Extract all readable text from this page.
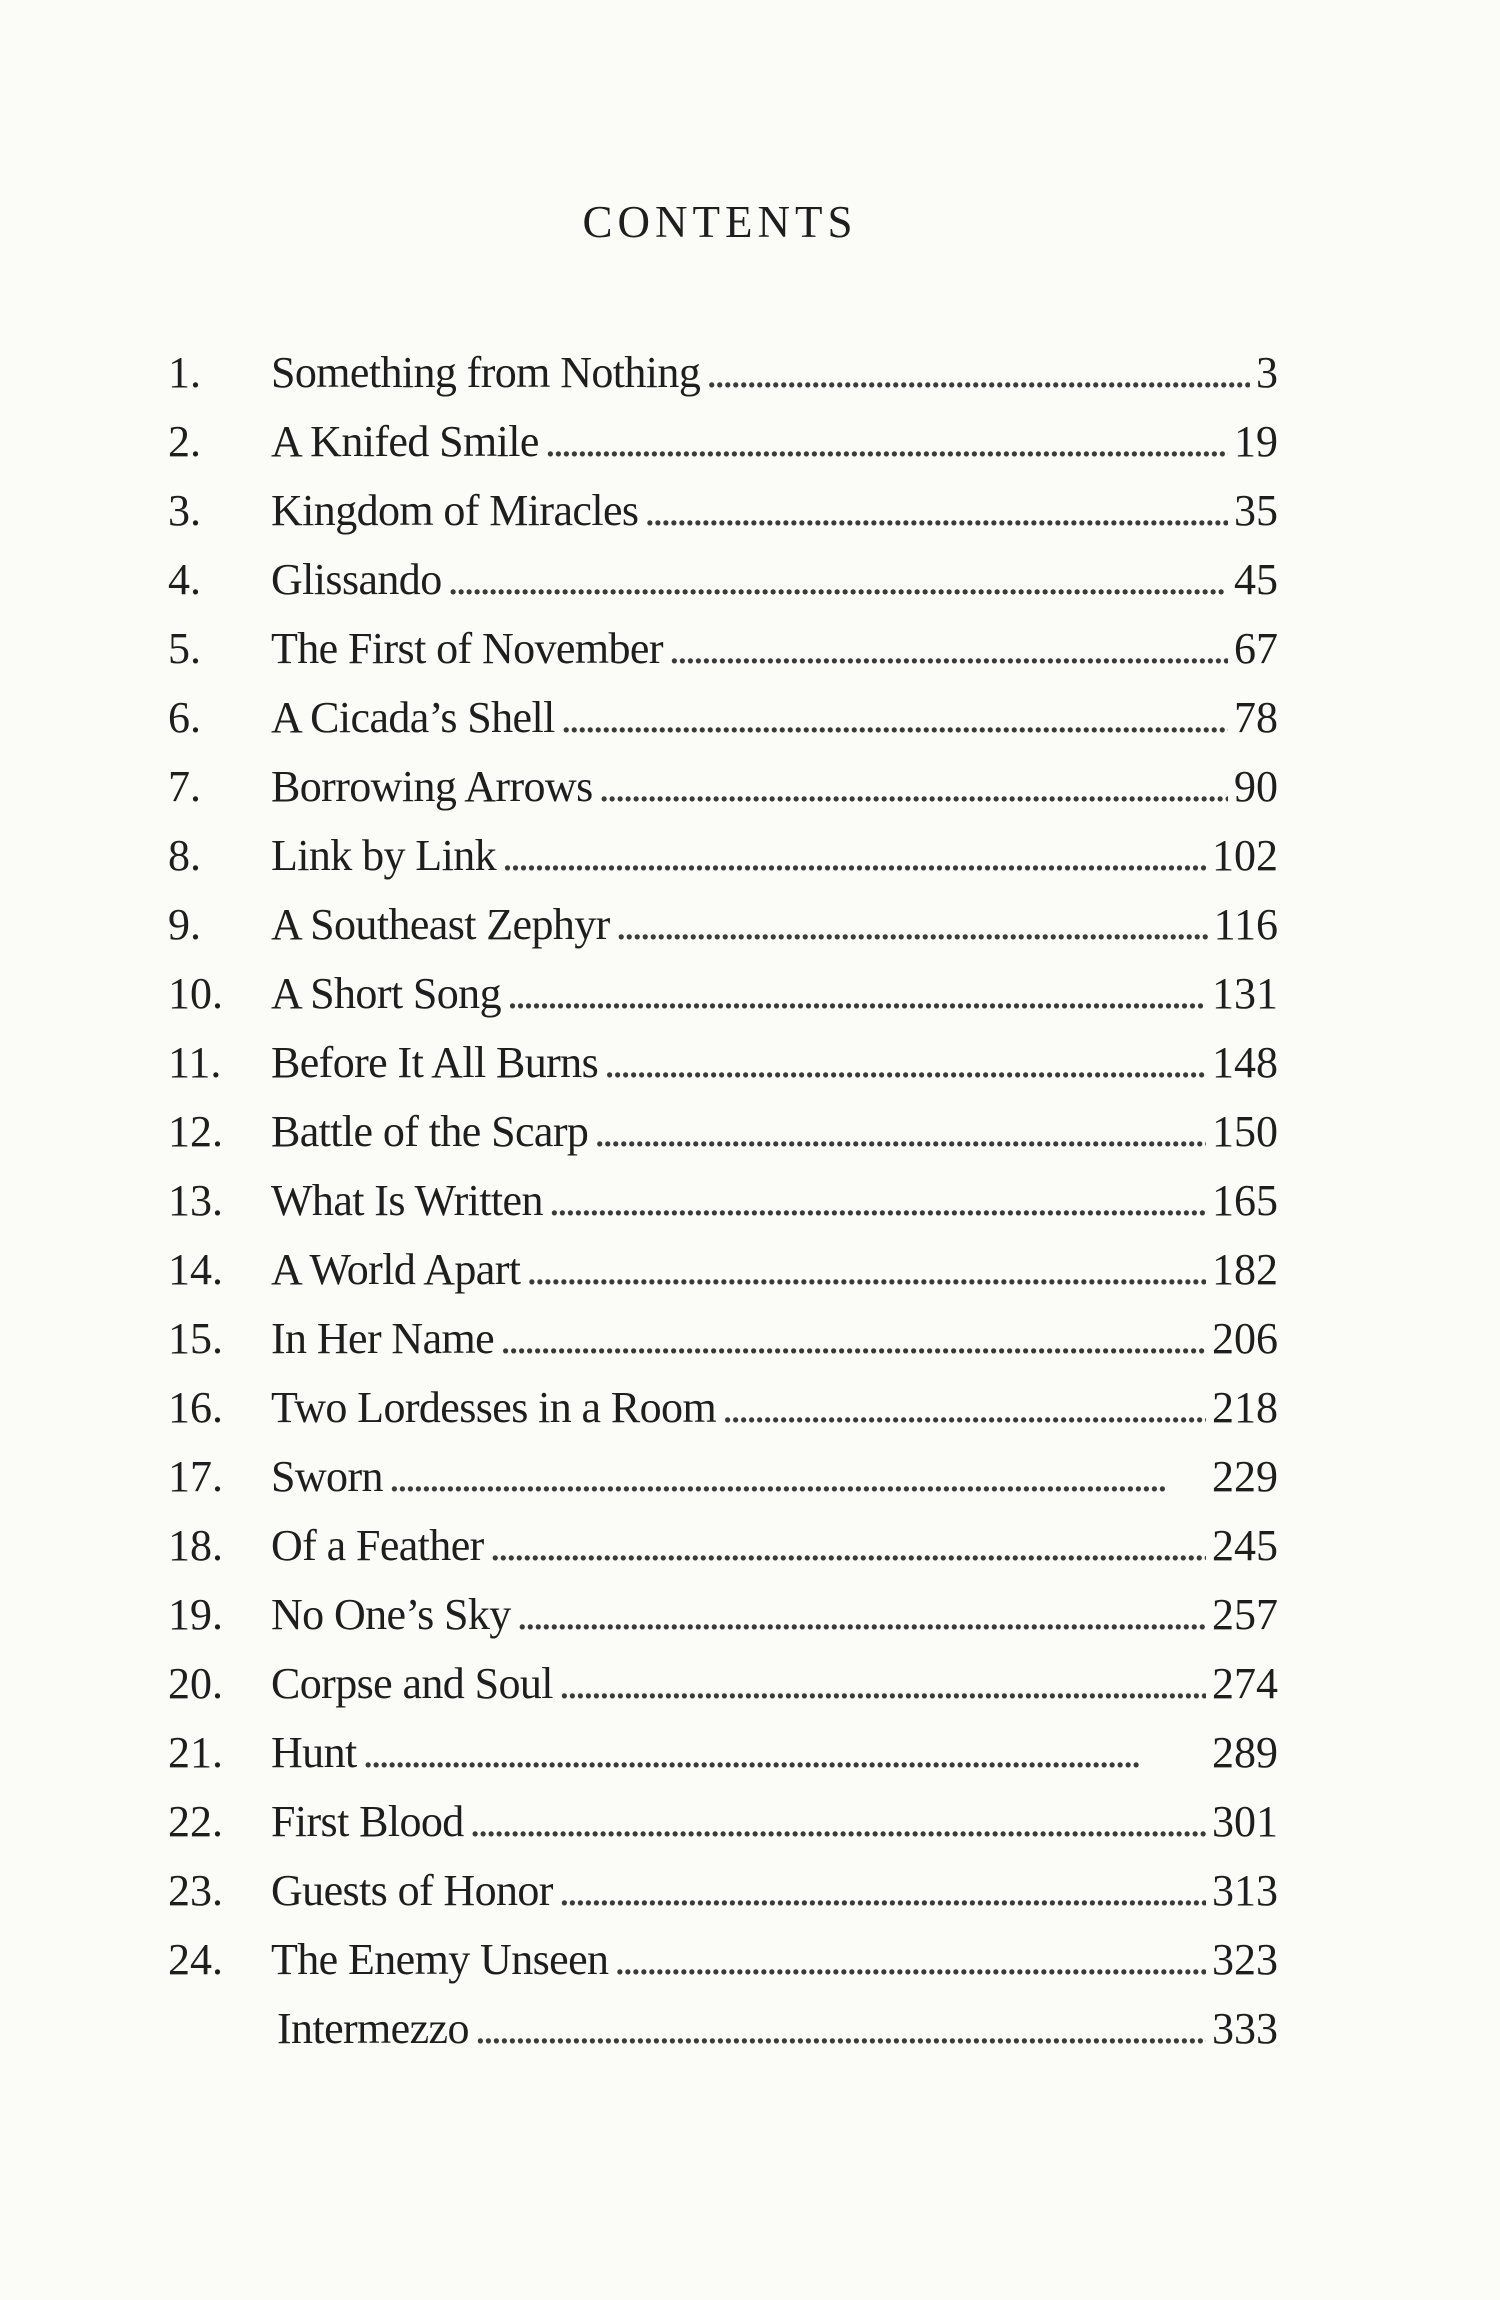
CONTENTS
1.	Something from Nothing . . .	3
2.	A Knifed Smile . . .	19
3.	Kingdom of Miracles . . .	35
4.	Glissando . . .	45
5.	The First of November . . .	67
6.	A Cicada’s Shell . . .	78
7.	Borrowing Arrows . . .	90
8.	Link by Link . . .	102
9.	A Southeast Zephyr . . .	116
10.	A Short Song . . .	131
11.	Before It All Burns . . .	148
12.	Battle of the Scarp . . .	150
13.	What Is Written . . .	165
14.	A World Apart . . .	182
15.	In Her Name . . .	206
16.	Two Lordesses in a Room . . .	218
17.	Sworn . . .	229
18.	Of a Feather . . .	245
19.	No One’s Sky . . .	257
20.	Corpse and Soul . . .	274
21.	Hunt . . .	289
22.	First Blood . . .	301
23.	Guests of Honor . . .	313
24.	The Enemy Unseen . . .	323
Intermezzo . . .	333
